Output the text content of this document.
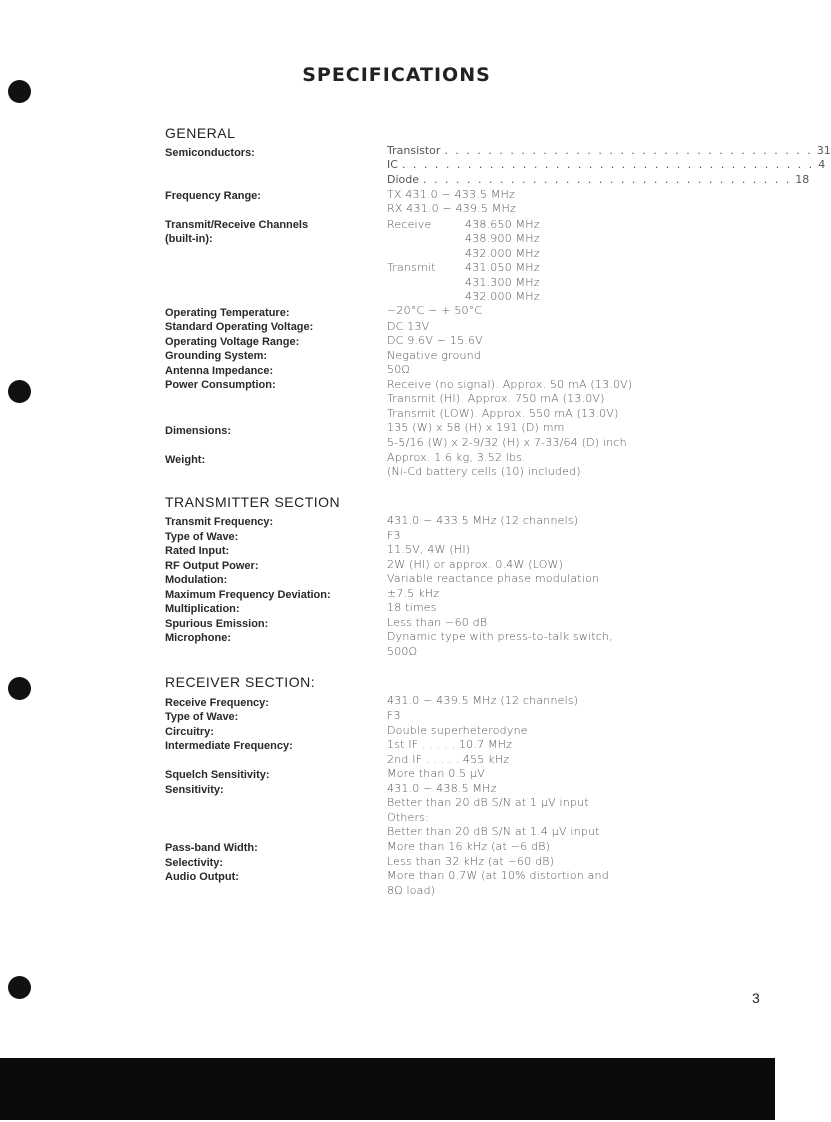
SPECIFICATIONS
GENERAL
Semiconductors:	Transistor . . . . . . . . . . . . . . . . . . . . . . . . . . . . . . . . . . 31
IC . . . . . . . . . . . . . . . . . . . . . . . . . . . . . . . . . . . . . . 4
Diode . . . . . . . . . . . . . . . . . . . . . . . . . . . . . . . . . . 18
Frequency Range:	TX 431.0 ~ 433.5 MHz
RX 431.0 ~ 439.5 MHz
Transmit/Receive Channels
(built-in):
Receive	438.650 MHz
438.900 MHz
432.000 MHz
Transmit	431.050 MHz
431.300 MHz
432.000 MHz
Operating Temperature:	−20°C ~ + 50°C
Standard Operating Voltage:	DC 13V
Operating Voltage Range:	DC 9.6V ~ 15.6V
Grounding System:	Negative ground
Antenna Impedance:	50Ω
Power Consumption:	Receive (no signal). Approx. 50 mA (13.0V)
Transmit (HI). Approx. 750 mA (13.0V)
Transmit (LOW). Approx. 550 mA (13.0V)
Dimensions:	135 (W) x 58 (H) x 191 (D) mm
5-5/16 (W) x 2-9/32 (H) x 7-33/64 (D) inch
Weight:	Approx. 1.6 kg, 3.52 lbs.
(Ni-Cd battery cells (10) included)
TRANSMITTER SECTION
Transmit Frequency:	431.0 ~ 433.5 MHz (12 channels)
Type of Wave:	F3
Rated Input:	11.5V, 4W (HI)
RF Output Power:	2W (HI) or approx. 0.4W (LOW)
Modulation:	Variable reactance phase modulation
Maximum Frequency Deviation:	±7.5 kHz
Multiplication:	18 times
Spurious Emission:	Less than −60 dB
Microphone:	Dynamic type with press-to-talk switch,
500Ω
RECEIVER SECTION:
Receive Frequency:	431.0 ~ 439.5 MHz (12 channels)
Type of Wave:	F3
Circuitry:	Double superheterodyne
Intermediate Frequency:	1st IF . . . . . 10.7 MHz
2nd IF . . . . . 455 kHz
Squelch Sensitivity:	More than 0.5 μV
Sensitivity:	431.0 ~ 438.5 MHz
Better than 20 dB S/N at 1 μV input
Others:
Better than 20 dB S/N at 1.4 μV input
Pass-band Width:	More than 16 kHz (at −6 dB)
Selectivity:	Less than 32 kHz (at −60 dB)
Audio Output:	More than 0.7W (at 10% distortion and
8Ω load)
3
